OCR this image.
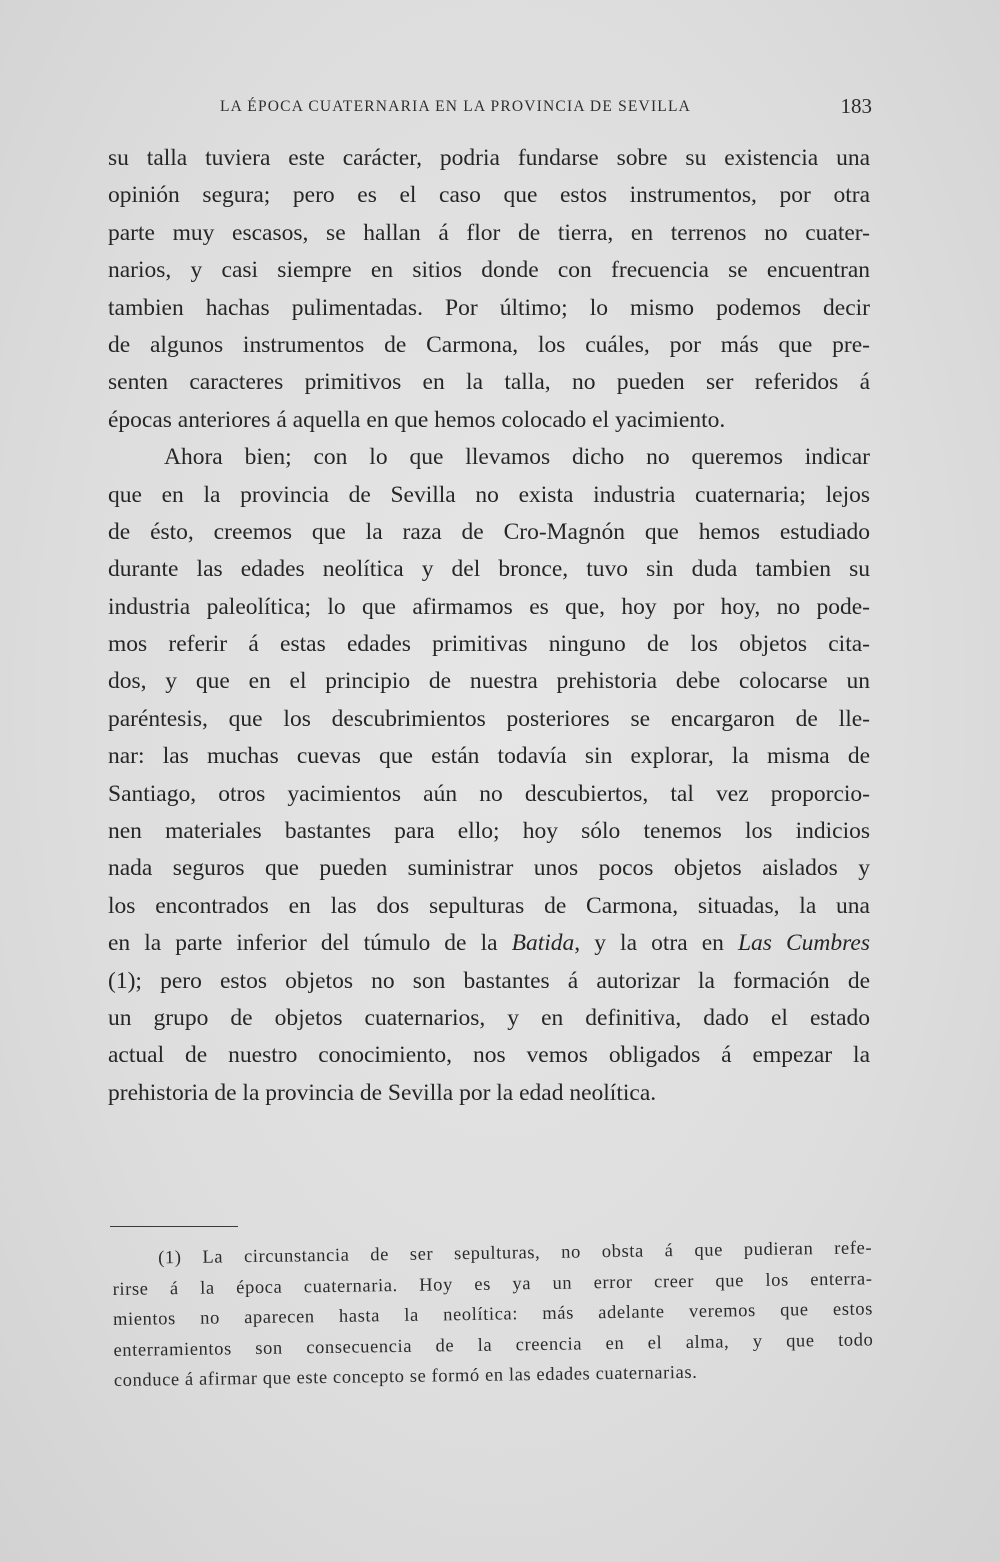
LA ÉPOCA CUATERNARIA EN LA PROVINCIA DE SEVILLA	183
su talla tuviera este carácter, podria fundarse sobre su existencia una
opinión segura; pero es el caso que estos instrumentos, por otra
parte muy escasos, se hallan á flor de tierra, en terrenos no cuater-
narios, y casi siempre en sitios donde con frecuencia se encuentran
tambien hachas pulimentadas. Por último; lo mismo podemos decir
de algunos instrumentos de Carmona, los cuáles, por más que pre-
senten caracteres primitivos en la talla, no pueden ser referidos á
épocas anteriores á aquella en que hemos colocado el yacimiento.
Ahora bien; con lo que llevamos dicho no queremos indicar
que en la provincia de Sevilla no exista industria cuaternaria; lejos
de ésto, creemos que la raza de Cro-Magnón que hemos estudiado
durante las edades neolítica y del bronce, tuvo sin duda tambien su
industria paleolítica; lo que afirmamos es que, hoy por hoy, no pode-
mos referir á estas edades primitivas ninguno de los objetos cita-
dos, y que en el principio de nuestra prehistoria debe colocarse un
paréntesis, que los descubrimientos posteriores se encargaron de lle-
nar: las muchas cuevas que están todavía sin explorar, la misma de
Santiago, otros yacimientos aún no descubiertos, tal vez proporcio-
nen materiales bastantes para ello; hoy sólo tenemos los indicios
nada seguros que pueden suministrar unos pocos objetos aislados y
los encontrados en las dos sepulturas de Carmona, situadas, la una
en la parte inferior del túmulo de la Batida, y la otra en Las Cumbres
(1); pero estos objetos no son bastantes á autorizar la formación de
un grupo de objetos cuaternarios, y en definitiva, dado el estado
actual de nuestro conocimiento, nos vemos obligados á empezar la
prehistoria de la provincia de Sevilla por la edad neolítica.
(1) La circunstancia de ser sepulturas, no obsta á que pudieran refe-
rirse á la época cuaternaria. Hoy es ya un error creer que los enterra-
mientos no aparecen hasta la neolítica: más adelante veremos que estos
enterramientos son consecuencia de la creencia en el alma, y que todo
conduce á afirmar que este concepto se formó en las edades cuaternarias.
